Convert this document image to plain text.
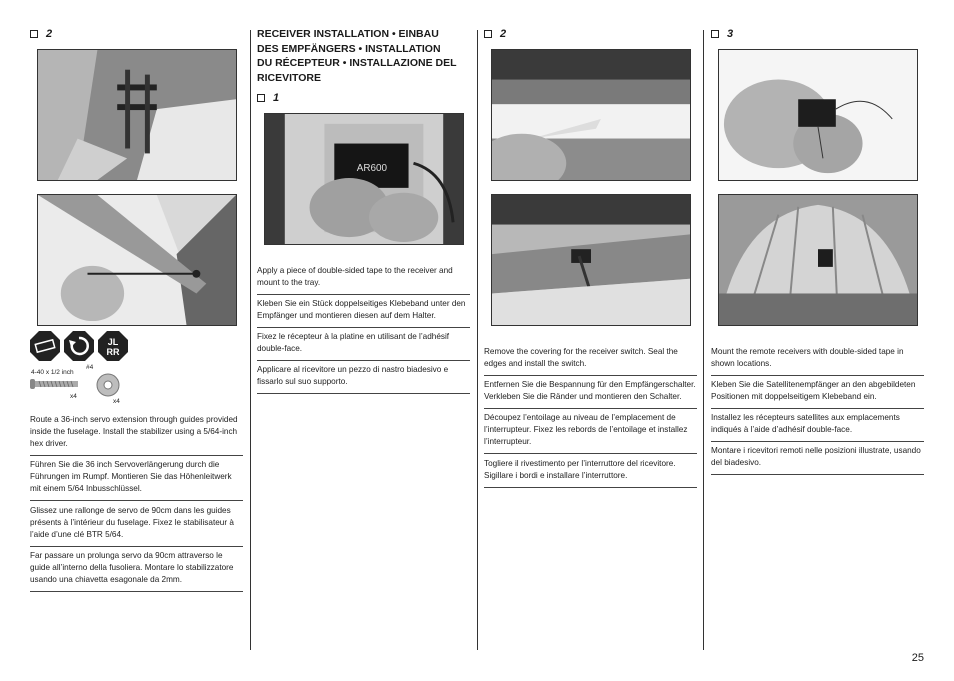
2
JL
RR
4-40 x 1/2 inch
x4
#4
x4
Route a 36-inch servo extension through guides provided inside the fuselage. Install the stabilizer using a 5/64-inch hex driver.
Führen Sie die 36 inch Servoverlängerung durch die Führungen im Rumpf. Montieren Sie das Höhenleitwerk mit einem 5/64 Inbusschlüssel.
Glissez une rallonge de servo de 90cm dans les guides présents à l’intérieur du fuselage. Fixez le stabilisateur à l’aide d’une clé BTR 5/64.
Far passare un prolunga servo da 90cm attraverso le guide all’interno della fusoliera. Montare lo stabilizzatore usando una chiavetta esagonale da 2mm.
RECEIVER INSTALLATION • EINBAU
DES EMPFÄNGERS • INSTALLATION
DU RÉCEPTEUR • INSTALLAZIONE DEL
RICEVITORE
1
AR600
Apply a piece of double-sided tape to the receiver and mount to the tray.
Kleben Sie ein Stück doppelseitiges Klebeband unter den Empfänger und montieren diesen auf dem Halter.
Fixez le récepteur à la platine en utilisant de l’adhésif double-face.
Applicare al ricevitore un pezzo di nastro biadesivo e fissarlo sul suo supporto.
2
Remove the covering for the receiver switch. Seal the edges and install the switch.
Entfernen Sie die Bespannung für den Empfängerschalter. Verkleben Sie die Ränder und montieren den Schalter.
Découpez l’entoilage au niveau de l’emplacement de l’interrupteur. Fixez les rebords de l’entoilage et installez l’interrupteur.
Togliere il rivestimento per l’interruttore del ricevitore. Sigillare i bordi e installare l’interruttore.
3
Mount the remote receivers with double-sided tape in shown locations.
Kleben Sie die Satellitenempfänger an den abgebildeten Positionen mit doppelseitigem Klebeband ein.
Installez les récepteurs satellites aux emplacements indiqués à l’aide d’adhésif double-face.
Montare i ricevitori remoti nelle posizioni illustrate, usando del biadesivo.
25
